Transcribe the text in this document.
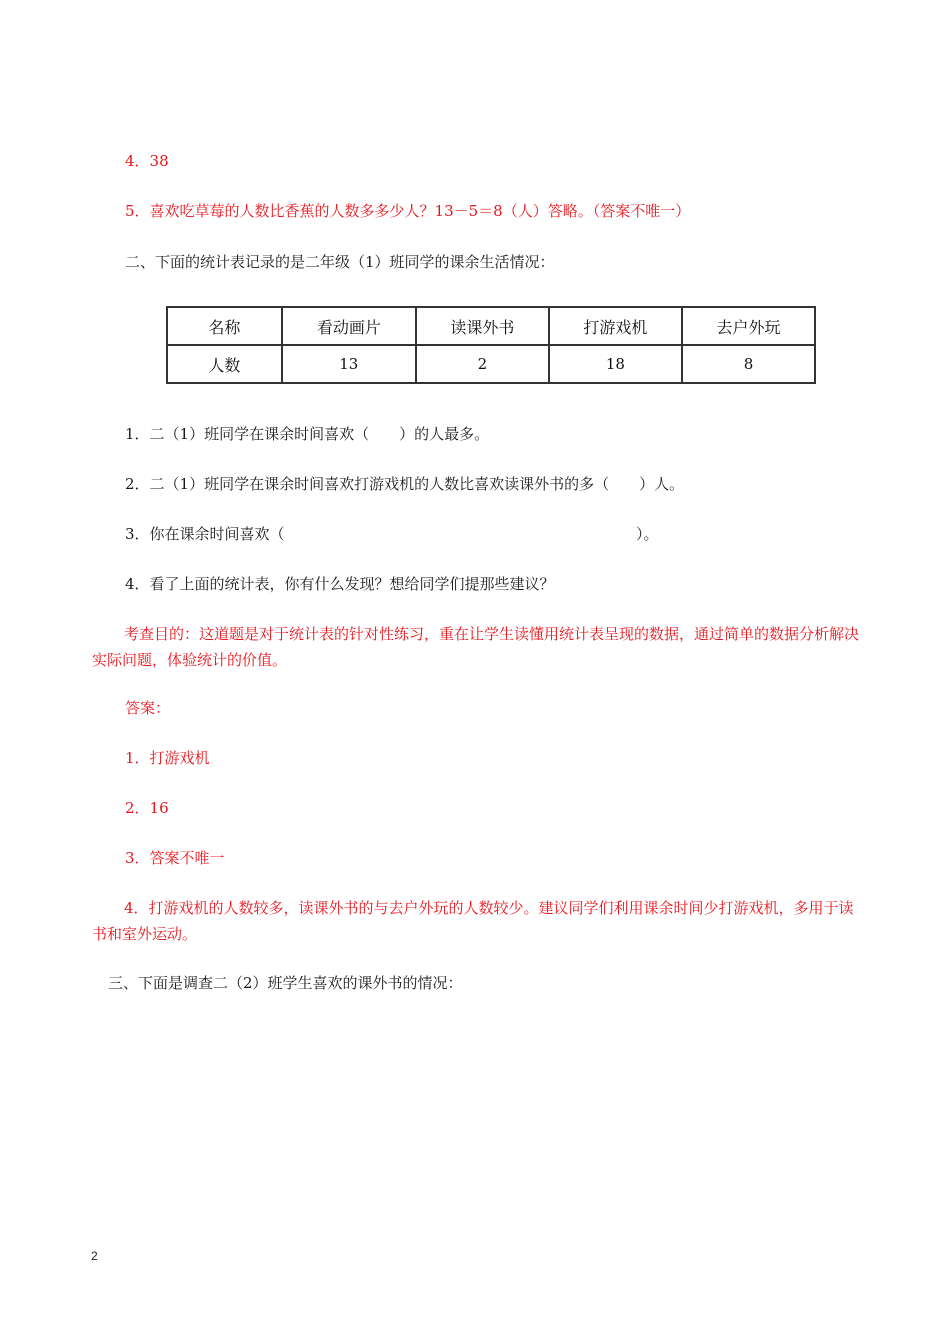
4．38
5．喜欢吃草莓的人数比香蕉的人数多多少人？13－5＝8（人）答略。（答案不唯一）
二、下面的统计表记录的是二年级（1）班同学的课余生活情况：
名称	看动画片	读课外书	打游戏机	去户外玩
人数	13	2	18	8
1．二（1）班同学在课余时间喜欢（　　）的人最多。
2．二（1）班同学在课余时间喜欢打游戏机的人数比喜欢读课外书的多（　　）人。
3．你在课余时间喜欢（	）。
4．看了上面的统计表，你有什么发现？想给同学们提那些建议？
考查目的：这道题是对于统计表的针对性练习，重在让学生读懂用统计表呈现的数据，通过简单的数据分析解决实际问题，体验统计的价值。
答案：
1．打游戏机
2．16
3．答案不唯一
4．打游戏机的人数较多，读课外书的与去户外玩的人数较少。建议同学们利用课余时间少打游戏机，多用于读书和室外运动。
三、下面是调查二（2）班学生喜欢的课外书的情况：
2
